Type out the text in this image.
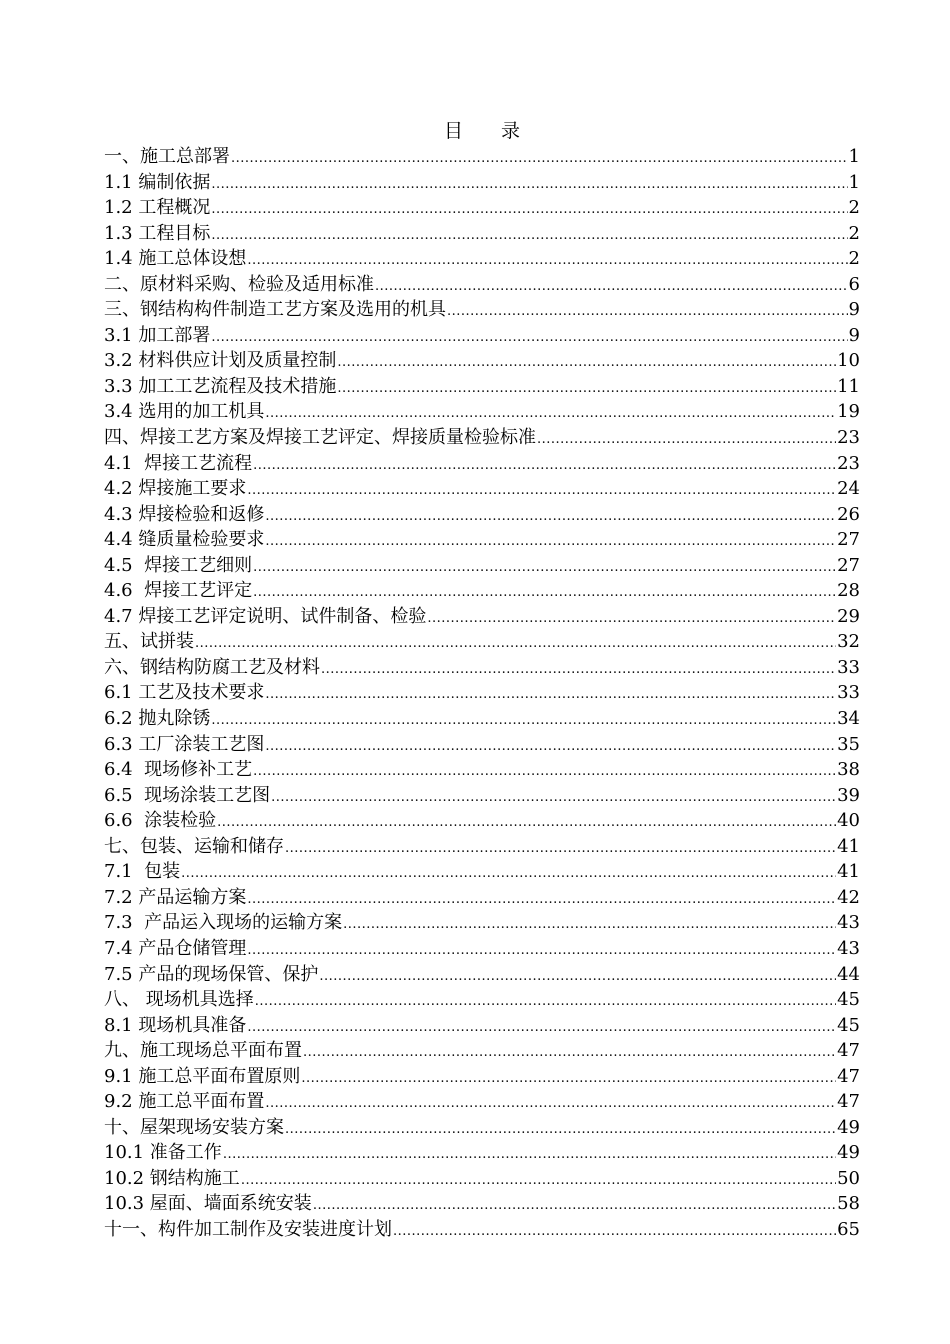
目　　录
一、施工总部署 .....	1
1.1 编制依据 .....	1
1.2 工程概况 .....	2
1.3 工程目标 .....	2
1.4 施工总体设想 .....	2
二、原材料采购、检验及适用标准 .....	6
三、钢结构构件制造工艺方案及选用的机具 .....	9
3.1 加工部署 .....	9
3.2 材料供应计划及质量控制 .....	10
3.3 加工工艺流程及技术措施 .....	11
3.4 选用的加工机具 .....	19
四、焊接工艺方案及焊接工艺评定、焊接质量检验标准 .....	23
4.1  焊接工艺流程 .....	23
4.2 焊接施工要求 .....	24
4.3 焊接检验和返修 .....	26
4.4 缝质量检验要求 .....	27
4.5  焊接工艺细则 .....	27
4.6  焊接工艺评定 .....	28
4.7 焊接工艺评定说明、试件制备、检验 .....	29
五、试拼装 .....	32
六、钢结构防腐工艺及材料 .....	33
6.1 工艺及技术要求 .....	33
6.2 抛丸除锈 .....	34
6.3 工厂涂装工艺图 .....	35
6.4  现场修补工艺 .....	38
6.5  现场涂装工艺图 .....	39
6.6  涂装检验 .....	40
七、包装、运输和储存 .....	41
7.1  包装 .....	41
7.2 产品运输方案 .....	42
7.3  产品运入现场的运输方案 .....	43
7.4 产品仓储管理 .....	43
7.5 产品的现场保管、保护 .....	44
八、 现场机具选择 .....	45
8.1 现场机具准备 .....	45
九、施工现场总平面布置 .....	47
9.1 施工总平面布置原则 .....	47
9.2 施工总平面布置 .....	47
十、屋架现场安装方案 .....	49
10.1 准备工作 .....	49
10.2 钢结构施工 .....	50
10.3 屋面、墙面系统安装 .....	58
十一、构件加工制作及安装进度计划 .....	65
